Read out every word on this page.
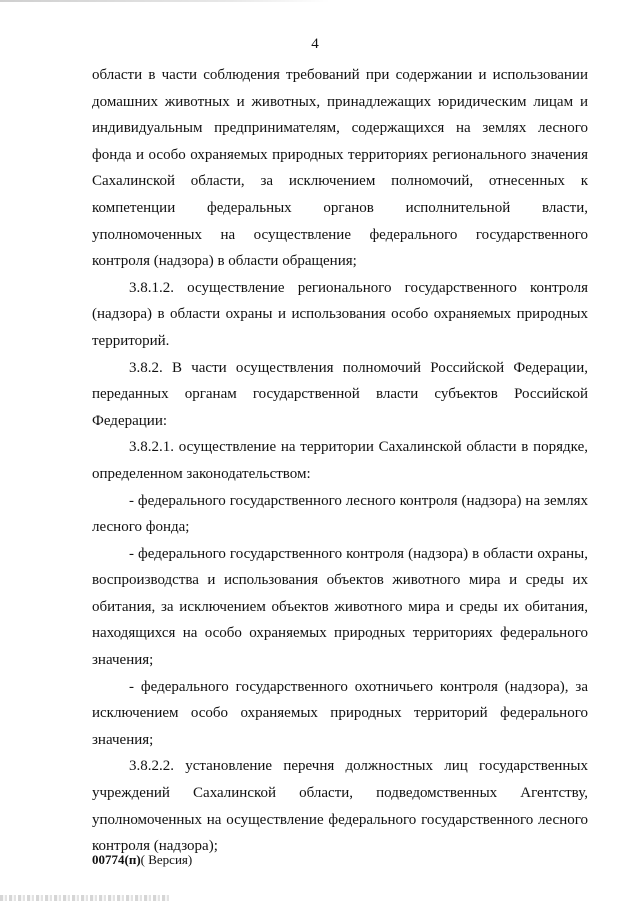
4

области в части соблюдения требований при содержании и использовании домашних животных и животных, принадлежащих юридическим лицам и индивидуальным предпринимателям, содержащихся на землях лесного фонда и особо охраняемых природных территориях регионального значения Сахалинской области, за исключением полномочий, отнесенных к компетенции федеральных органов исполнительной власти, уполномоченных на осуществление федерального государственного контроля (надзора) в области обращения;

3.8.1.2. осуществление регионального государственного контроля (надзора) в области охраны и использования особо охраняемых природных территорий.

3.8.2. В части осуществления полномочий Российской Федерации, переданных органам государственной власти субъектов Российской Федерации:

3.8.2.1. осуществление на территории Сахалинской области в порядке, определенном законодательством:

- федерального государственного лесного контроля (надзора) на землях лесного фонда;

- федерального государственного контроля (надзора) в области охраны, воспроизводства и использования объектов животного мира и среды их обитания, за исключением объектов животного мира и среды их обитания, находящихся на особо охраняемых природных территориях федерального значения;

- федерального государственного охотничьего контроля (надзора), за исключением особо охраняемых природных территорий федерального значения;

3.8.2.2. установление перечня должностных лиц государственных учреждений Сахалинской области, подведомственных Агентству, уполномоченных на осуществление федерального государственного лесного контроля (надзора);

00774(п)( Версия)
